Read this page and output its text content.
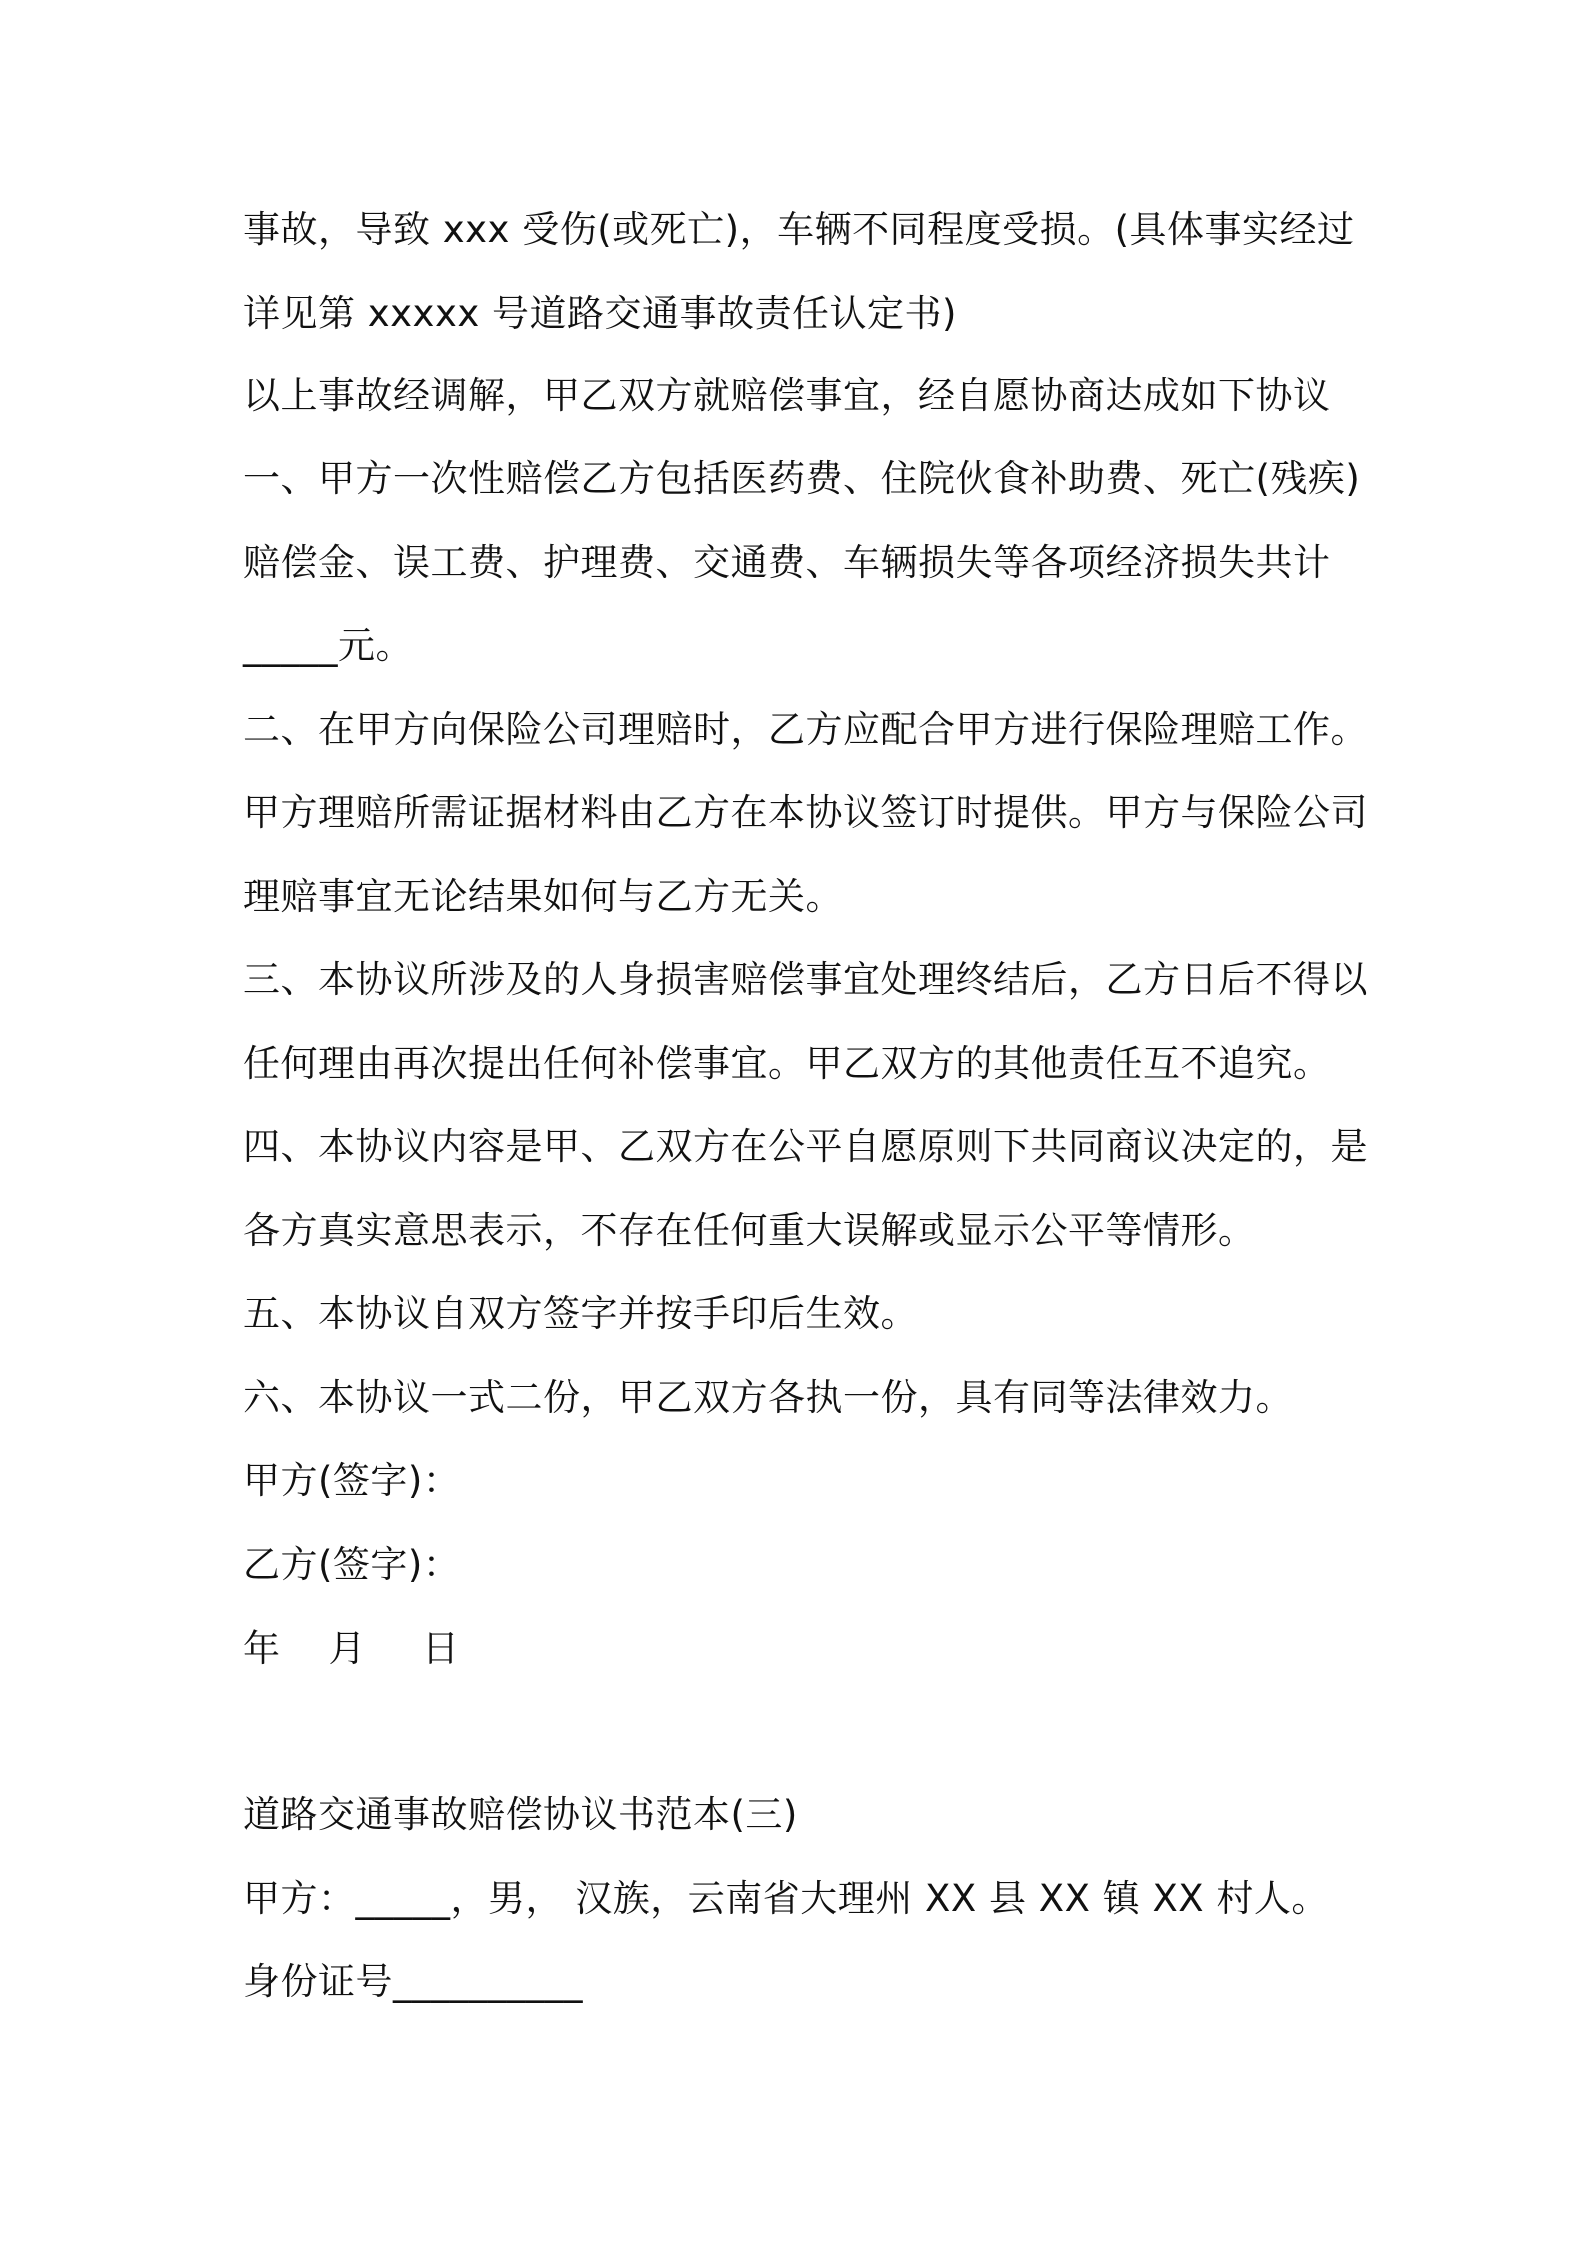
事故，导致 xxx 受伤(或死亡)，车辆不同程度受损。(具体事实经过
详见第 xxxxx 号道路交通事故责任认定书)
以上事故经调解，甲乙双方就赔偿事宜，经自愿协商达成如下协议
一、甲方一次性赔偿乙方包括医药费、住院伙食补助费、死亡(残疾)
赔偿金、误工费、护理费、交通费、车辆损失等各项经济损失共计
_____元。
二、在甲方向保险公司理赔时，乙方应配合甲方进行保险理赔工作。
甲方理赔所需证据材料由乙方在本协议签订时提供。甲方与保险公司
理赔事宜无论结果如何与乙方无关。
三、本协议所涉及的人身损害赔偿事宜处理终结后，乙方日后不得以
任何理由再次提出任何补偿事宜。甲乙双方的其他责任互不追究。
四、本协议内容是甲、乙双方在公平自愿原则下共同商议决定的，是
各方真实意思表示，不存在任何重大误解或显示公平等情形。
五、本协议自双方签字并按手印后生效。
六、本协议一式二份，甲乙双方各执一份，具有同等法律效力。
甲方(签字)：
乙方(签字)：
年 月 日
道路交通事故赔偿协议书范本(三)
甲方：_____，男， 汉族，云南省大理州 XX 县 XX 镇 XX 村人。
身份证号__________
